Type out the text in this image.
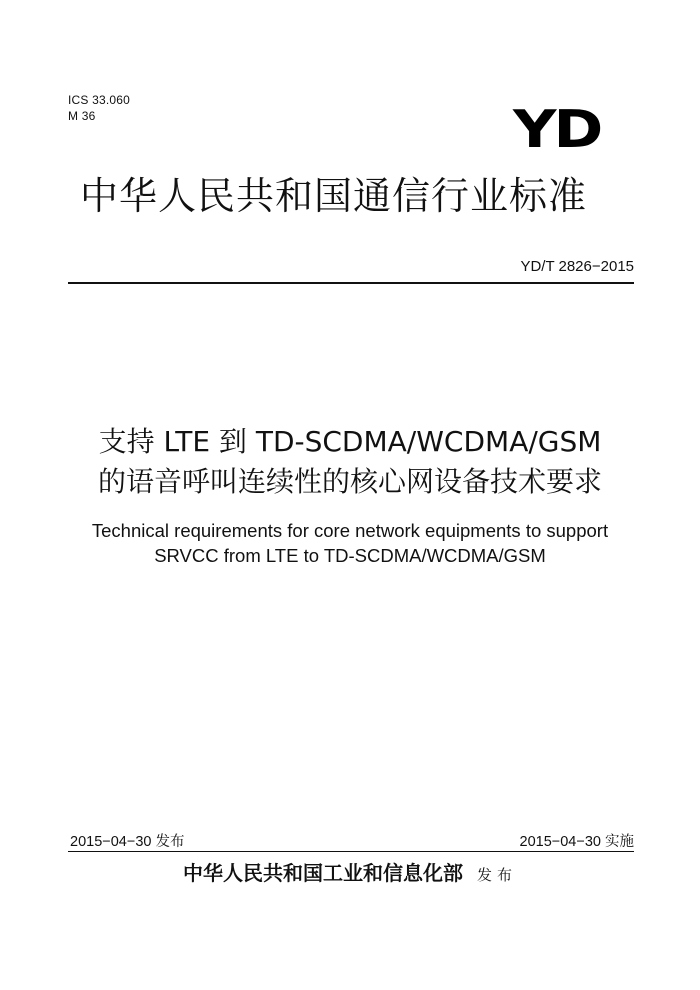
ICS 33.060
M 36	YD
中华人民共和国通信行业标准
YD/T 2826−2015
支持 LTE 到 TD-SCDMA/WCDMA/GSM
的语音呼叫连续性的核心网设备技术要求
Technical requirements for core network equipments to support
SRVCC from LTE to TD-SCDMA/WCDMA/GSM
2015−04−30 发布	2015−04−30 实施
中华人民共和国工业和信息化部 发布
